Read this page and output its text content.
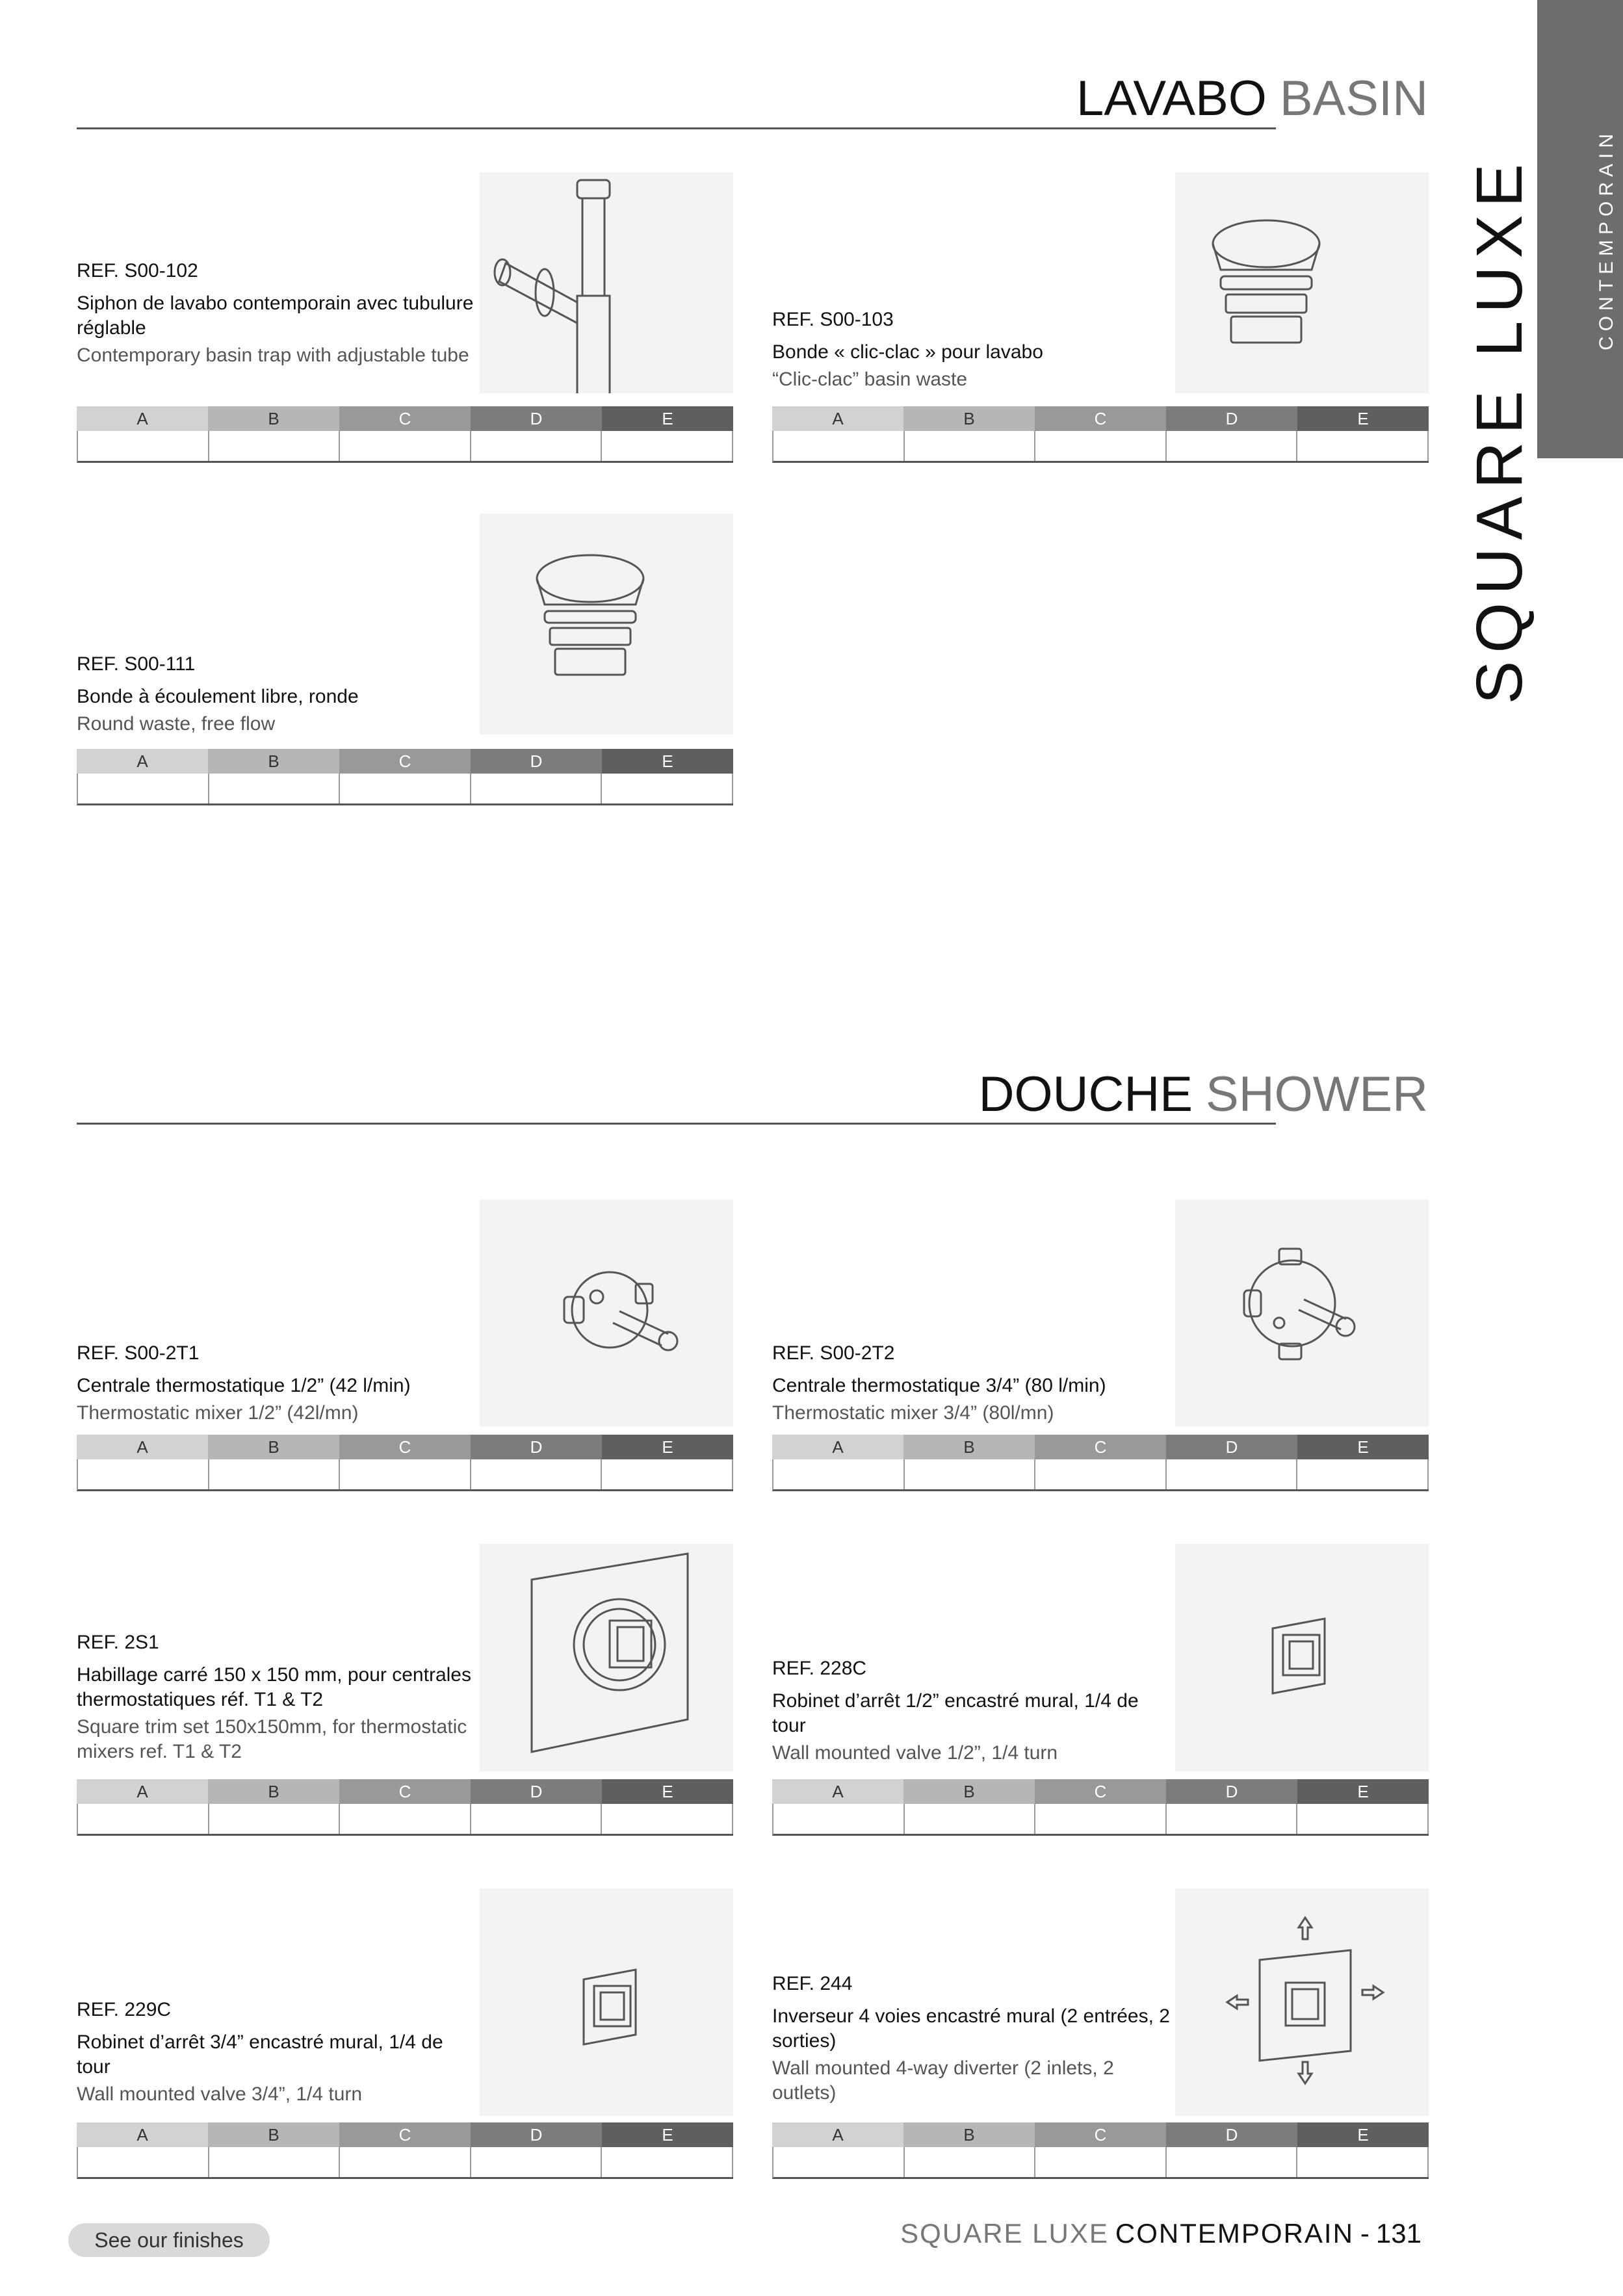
CONTEMPORAIN
SQUARE LUXE
LAVABO BASIN
REF. S00-102
Siphon de lavabo contemporain avec tubulure réglable
Contemporary basin trap with adjustable tube
A	B	C	D	E
REF. S00-103
Bonde « clic-clac » pour lavabo
“Clic-clac” basin waste
A	B	C	D	E
REF. S00-111
Bonde à écoulement libre, ronde
Round waste, free flow
A	B	C	D	E
DOUCHE SHOWER
REF. S00-2T1
Centrale thermostatique 1/2” (42 l/min)
Thermostatic mixer 1/2” (42l/mn)
A	B	C	D	E
REF. S00-2T2
Centrale thermostatique 3/4” (80 l/min)
Thermostatic mixer 3/4” (80l/mn)
A	B	C	D	E
REF. 2S1
Habillage carré 150 x 150 mm, pour centrales thermostatiques réf. T1 & T2
Square trim set 150x150mm, for thermostatic mixers ref. T1 & T2
A	B	C	D	E
REF. 228C
Robinet d’arrêt 1/2” encastré mural, 1/4 de tour
Wall mounted valve 1/2”, 1/4 turn
A	B	C	D	E
REF. 229C
Robinet d’arrêt 3/4” encastré mural, 1/4 de tour
Wall mounted valve 3/4”, 1/4 turn
A	B	C	D	E
REF. 244
Inverseur 4 voies encastré mural (2 entrées, 2 sorties)
Wall mounted 4-way diverter (2 inlets, 2 outlets)
A	B	C	D	E
See our finishes	SQUARE LUXE CONTEMPORAIN - 131
